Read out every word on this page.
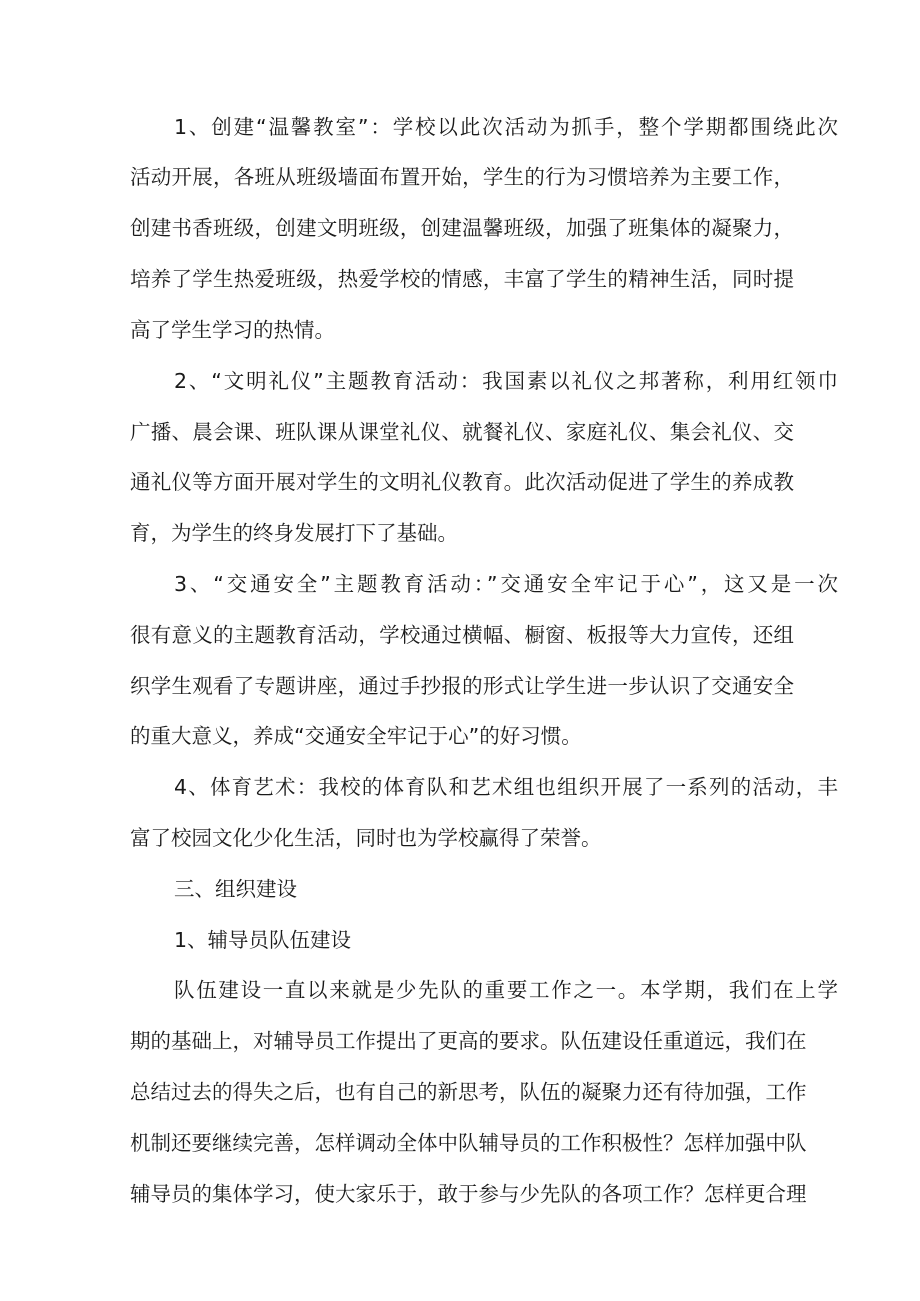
1、创建“温馨教室”：学校以此次活动为抓手，整个学期都围绕此次
活动开展，各班从班级墙面布置开始，学生的行为习惯培养为主要工作，
创建书香班级，创建文明班级，创建温馨班级，加强了班集体的凝聚力，
培养了学生热爱班级，热爱学校的情感，丰富了学生的精神生活，同时提
高了学生学习的热情。
2、“文明礼仪”主题教育活动：我国素以礼仪之邦著称，利用红领巾
广播、晨会课、班队课从课堂礼仪、就餐礼仪、家庭礼仪、集会礼仪、交
通礼仪等方面开展对学生的文明礼仪教育。此次活动促进了学生的养成教
育，为学生的终身发展打下了基础。
3、“交通安全”主题教育活动：”交通安全牢记于心”，这又是一次
很有意义的主题教育活动，学校通过横幅、橱窗、板报等大力宣传，还组
织学生观看了专题讲座，通过手抄报的形式让学生进一步认识了交通安全
的重大意义，养成“交通安全牢记于心”的好习惯。
4、体育艺术：我校的体育队和艺术组也组织开展了一系列的活动，丰
富了校园文化少化生活，同时也为学校赢得了荣誉。
三、组织建设
1、辅导员队伍建设
队伍建设一直以来就是少先队的重要工作之一。本学期，我们在上学
期的基础上，对辅导员工作提出了更高的要求。队伍建设任重道远，我们在
总结过去的得失之后，也有自己的新思考，队伍的凝聚力还有待加强，工作
机制还要继续完善，怎样调动全体中队辅导员的工作积极性？怎样加强中队
辅导员的集体学习，使大家乐于，敢于参与少先队的各项工作？怎样更合理
